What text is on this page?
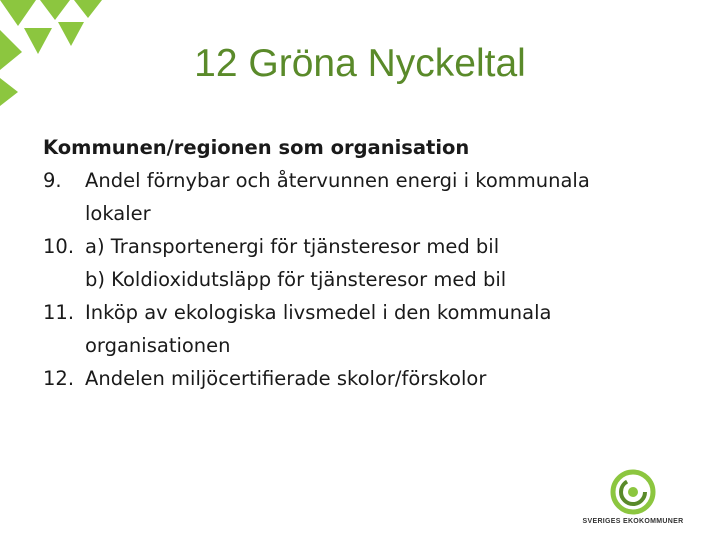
12 Gröna Nyckeltal
Kommunen/regionen som organisation
9. Andel förnybar och återvunnen energi i kommunala
lokaler
10. a) Transportenergi för tjänsteresor med bil
b) Koldioxidutsläpp för tjänsteresor med bil
11. Inköp av ekologiska livsmedel i den kommunala
organisationen
12. Andelen miljöcertifierade skolor/förskolor
SVERIGES EKOKOMMUNER
